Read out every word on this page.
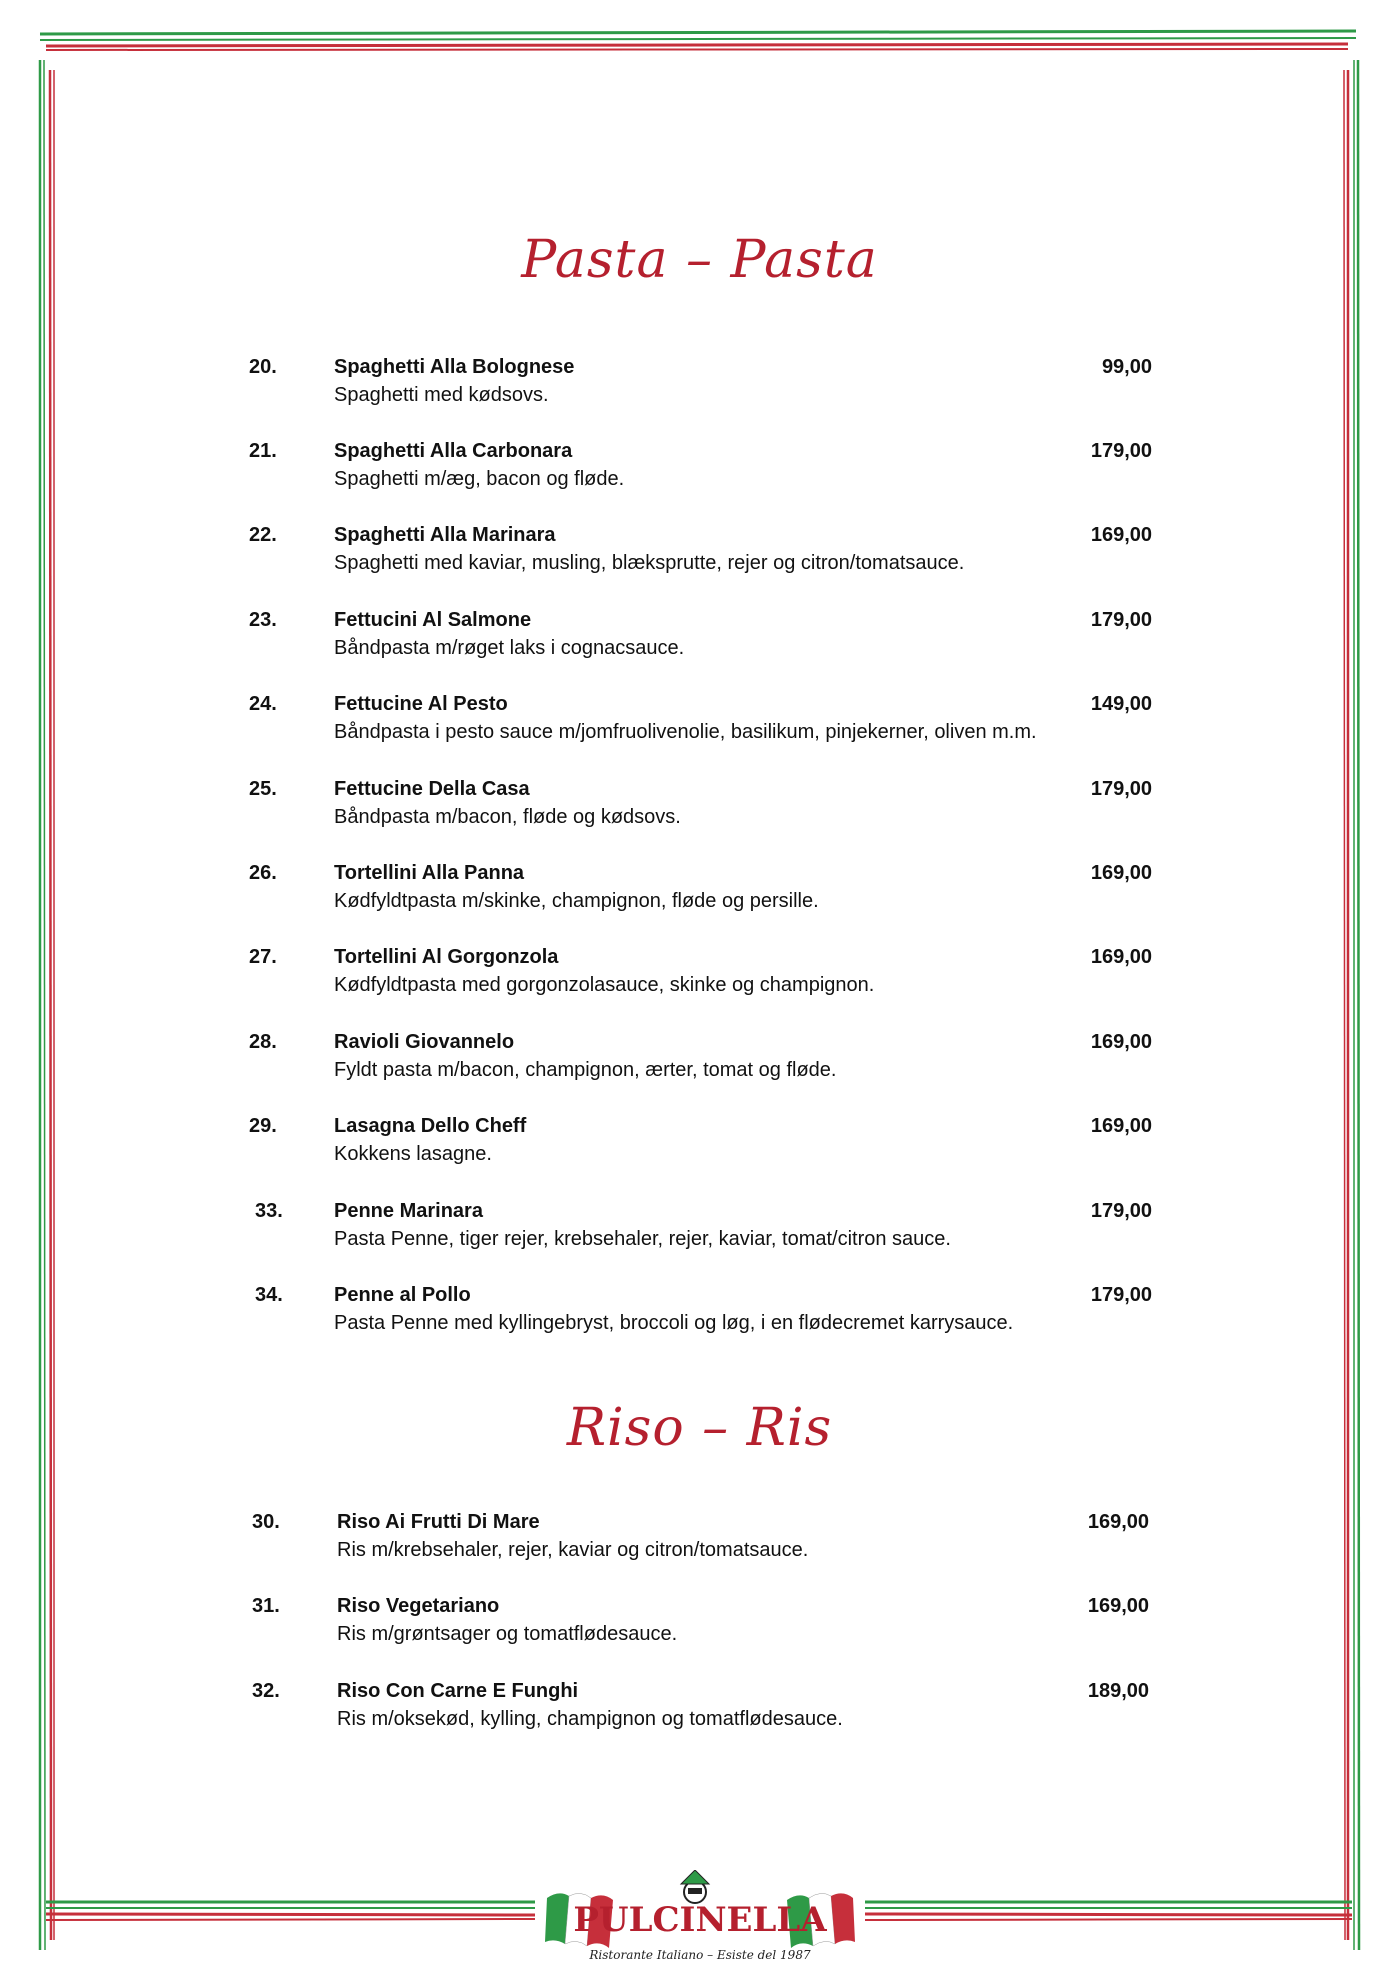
Pasta – Pasta
20.	Spaghetti Alla Bolognese	99,00
Spaghetti med kødsovs.
21.	Spaghetti Alla Carbonara	179,00
Spaghetti m/æg, bacon og fløde.
22.	Spaghetti Alla Marinara	169,00
Spaghetti med kaviar, musling, blæksprutte, rejer og citron/tomatsauce.
23.	Fettucini Al Salmone	179,00
Båndpasta m/røget laks i cognacsauce.
24.	Fettucine Al Pesto	149,00
Båndpasta i pesto sauce m/jomfruolivenolie, basilikum, pinjekerner, oliven m.m.
25.	Fettucine Della Casa	179,00
Båndpasta m/bacon, fløde og kødsovs.
26.	Tortellini Alla Panna	169,00
Kødfyldtpasta m/skinke, champignon, fløde og persille.
27.	Tortellini Al Gorgonzola	169,00
Kødfyldtpasta med gorgonzolasauce, skinke og champignon.
28.	Ravioli Giovannelo	169,00
Fyldt pasta m/bacon, champignon, ærter, tomat og fløde.
29.	Lasagna Dello Cheff	169,00
Kokkens lasagne.
33.	Penne Marinara	179,00
Pasta Penne, tiger rejer, krebsehaler, rejer, kaviar, tomat/citron sauce.
34.	Penne al Pollo	179,00
Pasta Penne med kyllingebryst, broccoli og løg, i en flødecremet karrysauce.
Riso – Ris
30.	Riso Ai Frutti Di Mare	169,00
Ris m/krebsehaler, rejer, kaviar og citron/tomatsauce.
31.	Riso Vegetariano	169,00
Ris m/grøntsager og tomatflødesauce.
32.	Riso Con Carne E Funghi	189,00
Ris m/oksekød, kylling, champignon og tomatflødesauce.
PULCINELLA
Ristorante Italiano – Esiste del 1987
